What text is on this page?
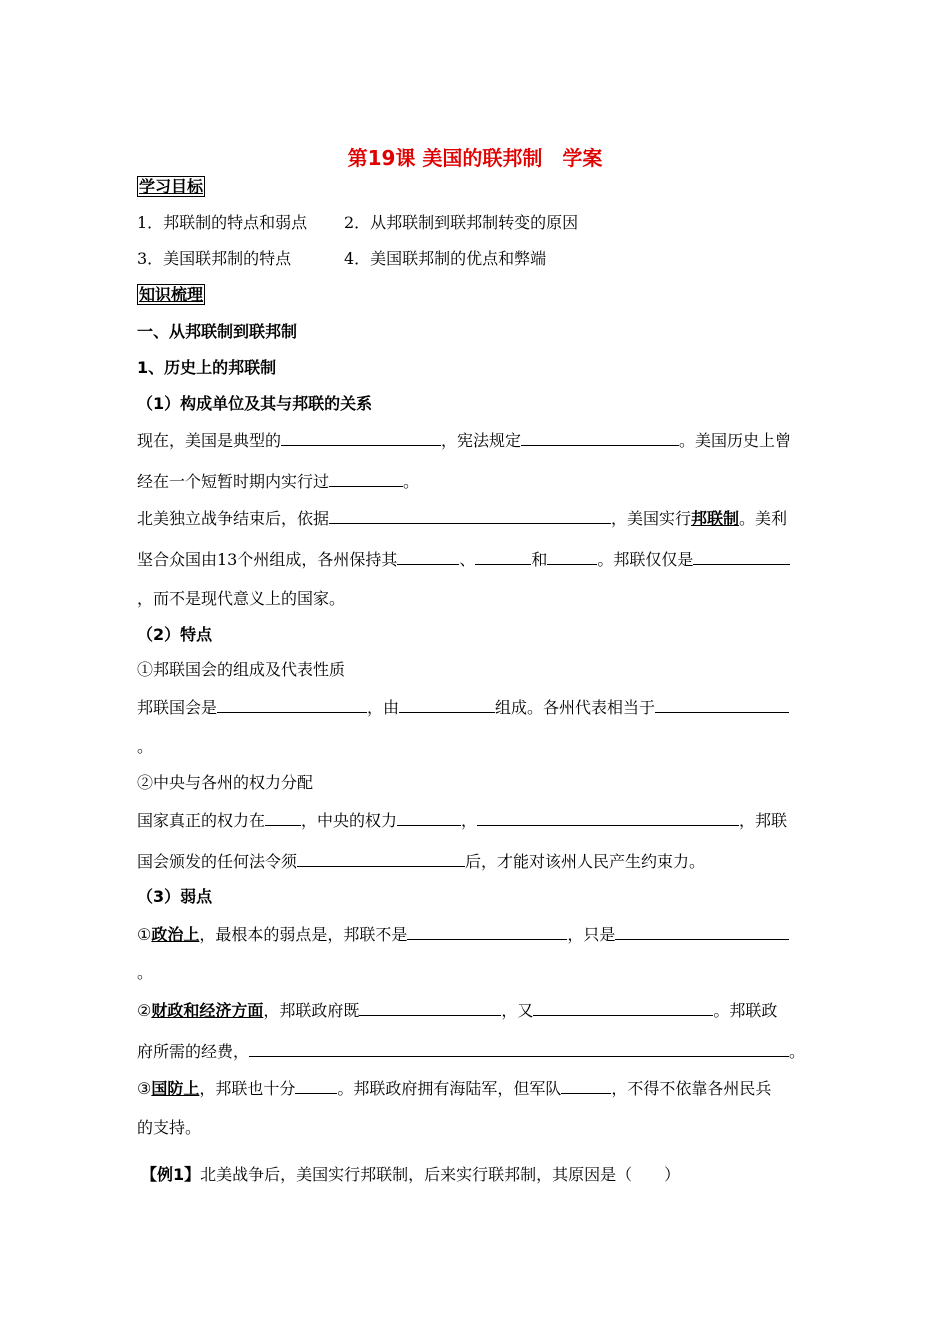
第19课 美国的联邦制　学案
学习目标
1．邦联制的特点和弱点 2．从邦联制到联邦制转变的原因
3．美国联邦制的特点	4．美国联邦制的优点和弊端
知识梳理
一、从邦联制到联邦制
1、历史上的邦联制
（1）构成单位及其与邦联的关系
现在，美国是典型的	，宪法规定	。美国历史上曾
经在一个短暂时期内实行过	。
北美独立战争结束后，依据	，美国实行邦联制。美利
坚合众国由13个州组成，各州保持其	、	和	。邦联仅仅是
，而不是现代意义上的国家。
（2）特点
①邦联国会的组成及代表性质
邦联国会是	，由	组成。各州代表相当于
。
②中央与各州的权力分配
国家真正的权力在 ，中央的权力	，	，邦联
国会颁发的任何法令须	后，才能对该州人民产生约束力。
（3）弱点
①政治上，最根本的弱点是，邦联不是	，只是
。
②财政和经济方面，邦联政府既	，又	。邦联政
府所需的经费，	。
③国防上，邦联也十分	。邦联政府拥有海陆军，但军队	，不得不依靠各州民兵
的支持。
【例1】北美战争后，美国实行邦联制，后来实行联邦制，其原因是（　　）
